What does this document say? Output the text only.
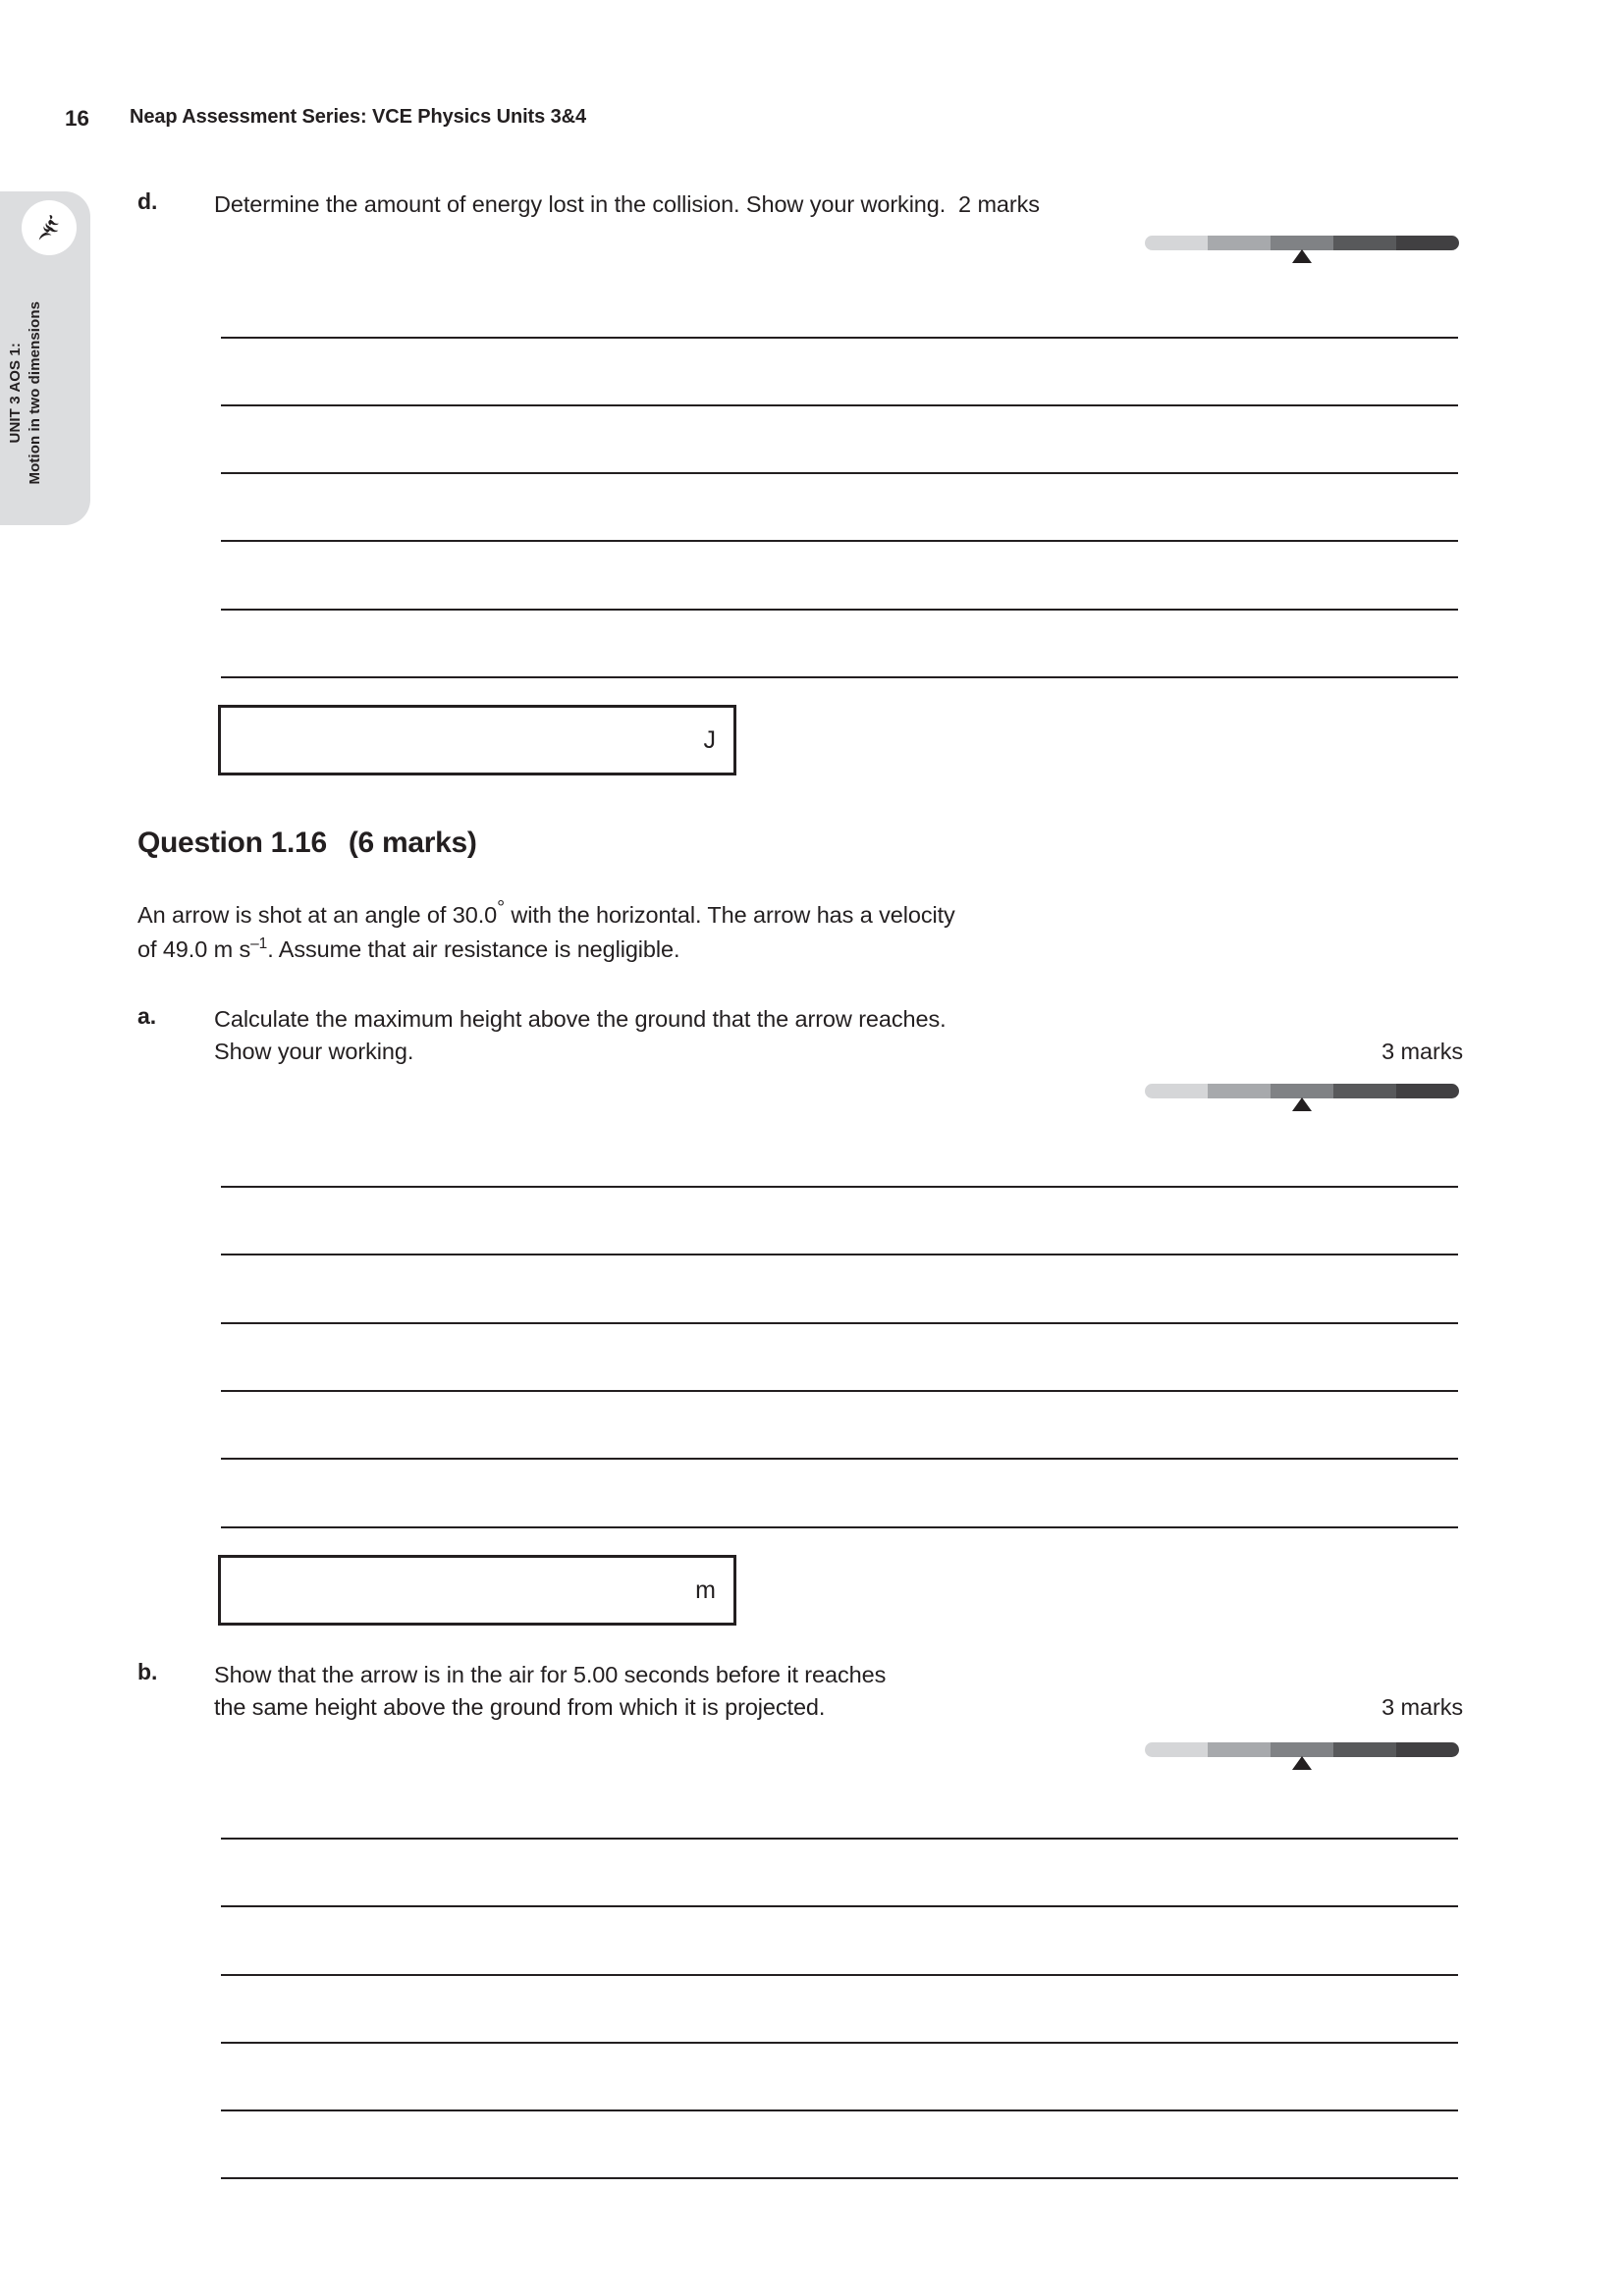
16 Neap Assessment Series: VCE Physics Units 3&4
UNIT 3 AOS 1: Motion in two dimensions
d.	Determine the amount of energy lost in the collision. Show your working. 2 marks
J
Question 1.16 (6 marks)
An arrow is shot at an angle of 30.0° with the horizontal. The arrow has a velocity
of 49.0 m $s^{-1}$. Assume that air resistance is negligible.
a.	Calculate the maximum height above the ground that the arrow reaches.
Show your working.	3 marks
m
b.	Show that the arrow is in the air for 5.00 seconds before it reaches
the same height above the ground from which it is projected.	3 marks
